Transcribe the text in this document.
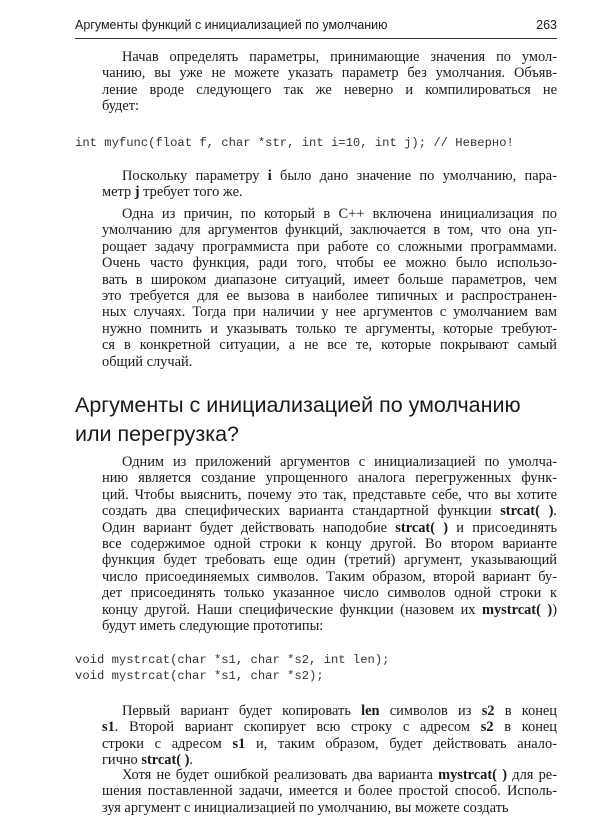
Аргументы функций с инициализацией по умолчанию	263
Начав определять параметры, принимающие значения по умол-
чанию, вы уже не можете указать параметр без умолчания. Объяв-
ление вроде следующего так же неверно и компилироваться не
будет:
int myfunc(float f, char *str, int i=10, int j); // Неверно!
Поскольку параметру i было дано значение по умолчанию, пара-
метр j требует того же.
Одна из причин, по который в С++ включена инициализация по
умолчанию для аргументов функций, заключается в том, что она уп-
рощает задачу программиста при работе со сложными программами.
Очень часто функция, ради того, чтобы ее можно было использо-
вать в широком диапазоне ситуаций, имеет больше параметров, чем
это требуется для ее вызова в наиболее типичных и распространен-
ных случаях. Тогда при наличии у нее аргументов с умолчанием вам
нужно помнить и указывать только те аргументы, которые требуют-
ся в конкретной ситуации, а не все те, которые покрывают самый
общий случай.
Аргументы с инициализацией по умолчанию
или перегрузка?
Одним из приложений аргументов с инициализацией по умолча-
нию является создание упрощенного аналога перегруженных функ-
ций. Чтобы выяснить, почему это так, представьте себе, что вы хотите
создать два специфических варианта стандартной функции strcat( ).
Один вариант будет действовать наподобие strcat( ) и присоединять
все содержимое одной строки к концу другой. Во втором варианте
функция будет требовать еще один (третий) аргумент, указывающий
число присоединяемых символов. Таким образом, второй вариант бу-
дет присоединять только указанное число символов одной строки к
концу другой. Наши специфические функции (назовем их mystrcat( ))
будут иметь следующие прототипы:
void mystrcat(char *s1, char *s2, int len);
void mystrcat(char *s1, char *s2);
Первый вариант будет копировать len символов из s2 в конец
s1. Второй вариант скопирует всю строку с адресом s2 в конец
строки с адресом s1 и, таким образом, будет действовать анало-
гично strcat( ).
Хотя не будет ошибкой реализовать два варианта mystrcat( ) для ре-
шения поставленной задачи, имеется и более простой способ. Исполь-
зуя аргумент с инициализацией по умолчанию, вы можете создать
